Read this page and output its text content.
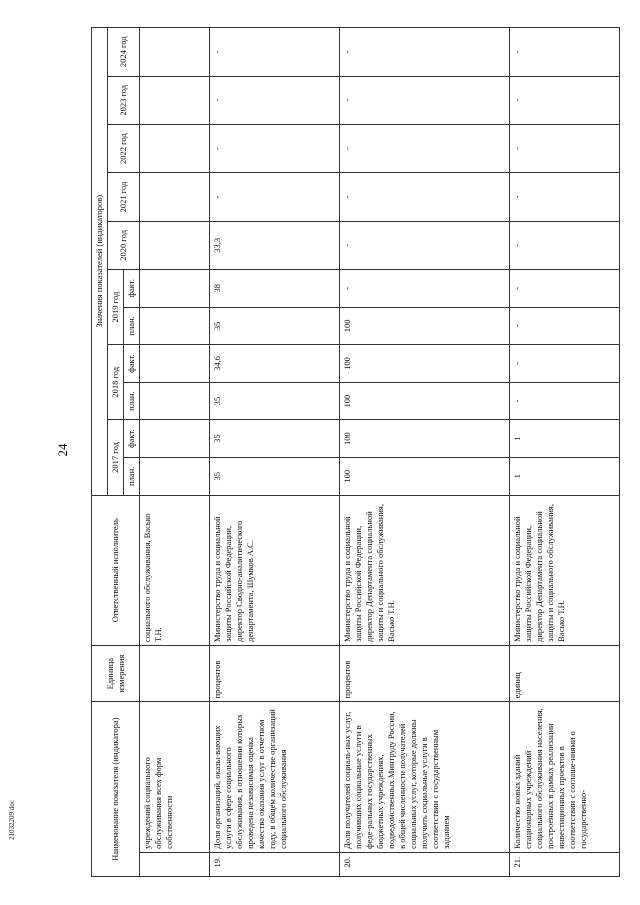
24
21032209.doc	Наименование показателя (индикатора)		Единица измерения	Ответственный исполнитель	Значения показателей (индикаторов)										
				2017 год		2018 год		2019 год		2020 год	2021 год	2022 год	2023 год	2024 год
				план.	факт.	план.	факт.	план.	факт.					
	учреждений социального обслуживания всех форм собственности		социального обслуживания, Васько Т.Н.											
19.	Доля организаций, оказы-вающих услуги в сфере социального обслуживания, в отношении которых проведена независимая оценка качества оказания услуг в отчетном году, в общем количестве организаций социального обслуживания	процентов	Министерство труда и социальной защиты Российской Федерации, директор Сводно-аналитического департамента, Шумков А.С.	35	35	35	34,6	35	38	33,3	-	-	-	-
20.	Доля получателей социаль-ных услуг, получивших социальные услуги в феде-ральных государственных бюджетных учреждениях, подведомственных Минтруду России, в общей численности получателей социальных услуг, которые должны получить социальные услуги в соответствии с государственным заданием	процентов	Министерство труда и социальной защиты Российской Федерации, директор Департамента социальной защиты и социального обслуживания, Васько Т.Н.	100	100	100	100	100	-	-	-	-	-	-
21.	Количество новых зданий стационарных учреждений социального обслуживания населения, построенных в рамках реализации инвестиционных проектов в соответствии с соглаше-ниями о государственно-	единиц	Министерство труда и социальной защиты Российской Федерации, директор Департамента социальной защиты и социального обслуживания, Васько Т.Н.	1	1	-	-	-	-	-	-	-	-	-
